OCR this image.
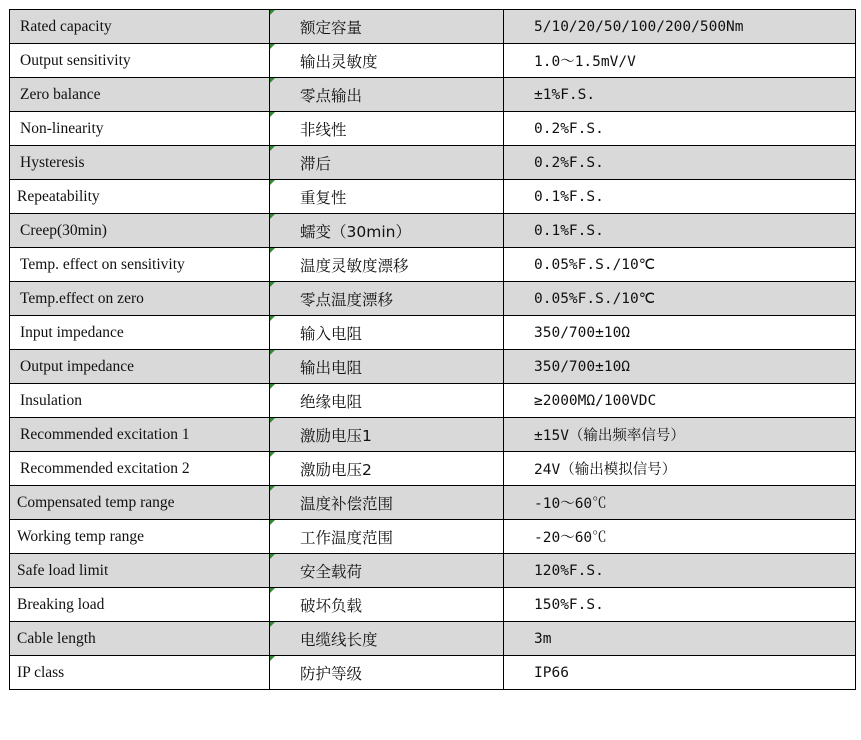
Rated capacity	额定容量	5/10/20/50/100/200/500Nm
Output sensitivity	输出灵敏度	1.0～1.5mV/V
Zero balance	零点输出	±1%F.S.
Non-linearity	非线性	0.2%F.S.
Hysteresis	滞后	0.2%F.S.
Repeatability	重复性	0.1%F.S.
Creep(30min)	蠕变（30min）	0.1%F.S.
Temp. effect on sensitivity	温度灵敏度漂移	0.05%F.S./10℃
Temp.effect on zero	零点温度漂移	0.05%F.S./10℃
Input impedance	输入电阻	350/700±10Ω
Output impedance	输出电阻	350/700±10Ω
Insulation	绝缘电阻	≥2000MΩ/100VDC
Recommended excitation 1	激励电压1	±15V（输出频率信号）
Recommended excitation 2	激励电压2	24V（输出模拟信号）
Compensated temp range	温度补偿范围	-10～60℃
Working temp range	工作温度范围	-20～60℃
Safe load limit	安全载荷	120%F.S.
Breaking load	破坏负载	150%F.S.
Cable length	电缆线长度	3m
IP class	防护等级	IP66
